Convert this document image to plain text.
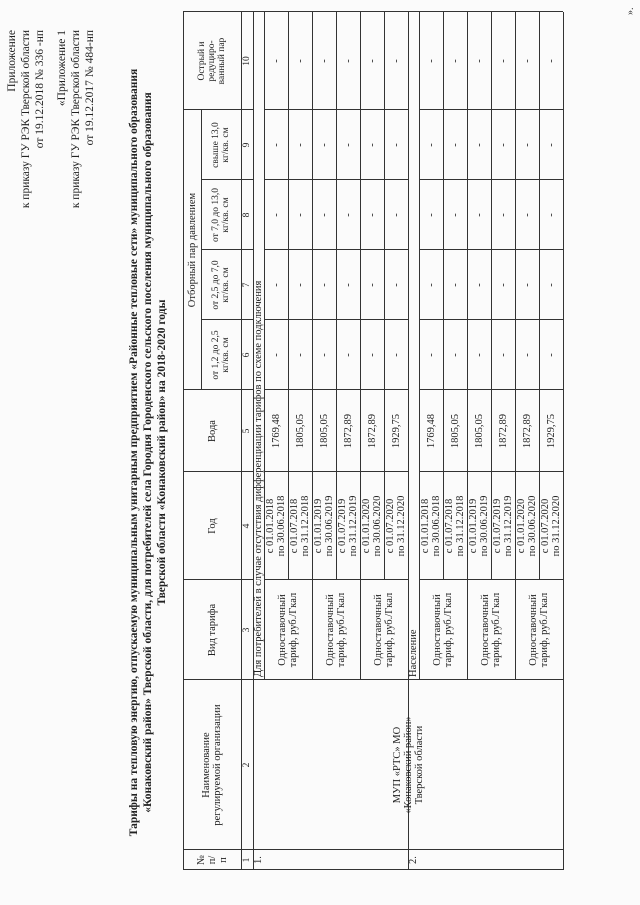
Приложение к приказу ГУ РЭК Тверской области от 19.12.2018 № 336 -нп «Приложение 1 к приказу ГУ РЭК Тверской области от 19.12.2017 № 484-нп	Тарифы на тепловую энергию, отпускаемую муниципальным унитарным предприятием «Районные тепловые сети» муниципального образования «Конаковский район» Тверской области, для потребителей села Городня Городенского сельского поселения муниципального образования Тверской области «Конаковский район» на 2018-2020 годы
№ п/ п
Наименование регулируемой организации
Вид тарифа
Год
Вода
Отборный пар давлением
от 1,2 до 2,5 кг/кв. см
от 2,5 до 7,0 кг/кв. см
от 7,0 до 13,0 кг/кв. см
свыше 13,0 кг/кв. см
Острый и редуциро- ванный пар
1
2
3
4
5
6
7
8
9
10
Для потребителей в случае отсутствия дифференциации тарифов по схеме подключения Одноставочный тариф, руб./Гкал
с 01.01.2018 по 30.06.2018
1769,48
-
-
-
-
-
с 01.07.2018 по 31.12.2018
1805,05
-
-
-
-
-
Одноставочный тариф, руб./Гкал
с 01.01.2019 по 30.06.2019
1805,05
-
-
-
-
-
с 01.07.2019 по 31.12.2019
1872,89
-
-
-
-
-
Одноставочный тариф, руб./Гкал
с 01.01.2020 по 30.06.2020
1872,89
-
-
-
-
-
с 01.07.2020 по 31.12.2020
1929,75
-
-
-
-
-
1.
Население Одноставочный тариф, руб./Гкал
с 01.01.2018 по 30.06.2018
1769,48
-
-
-
-
-
с 01.07.2018 по 31.12.2018
1805,05
-
-
-
-
-
Одноставочный тариф, руб./Гкал
с 01.01.2019 по 30.06.2019
1805,05
-
-
-
-
-
с 01.07.2019 по 31.12.2019
1872,89
-
-
-
-
-
Одноставочный тариф, руб./Гкал
с 01.01.2020 по 30.06.2020
1872,89
-
-
-
-
-
с 01.07.2020 по 31.12.2020
1929,75
-
-
-
-
-
2.
МУП «РТС» МО «Конаковский район» Тверской области
».
